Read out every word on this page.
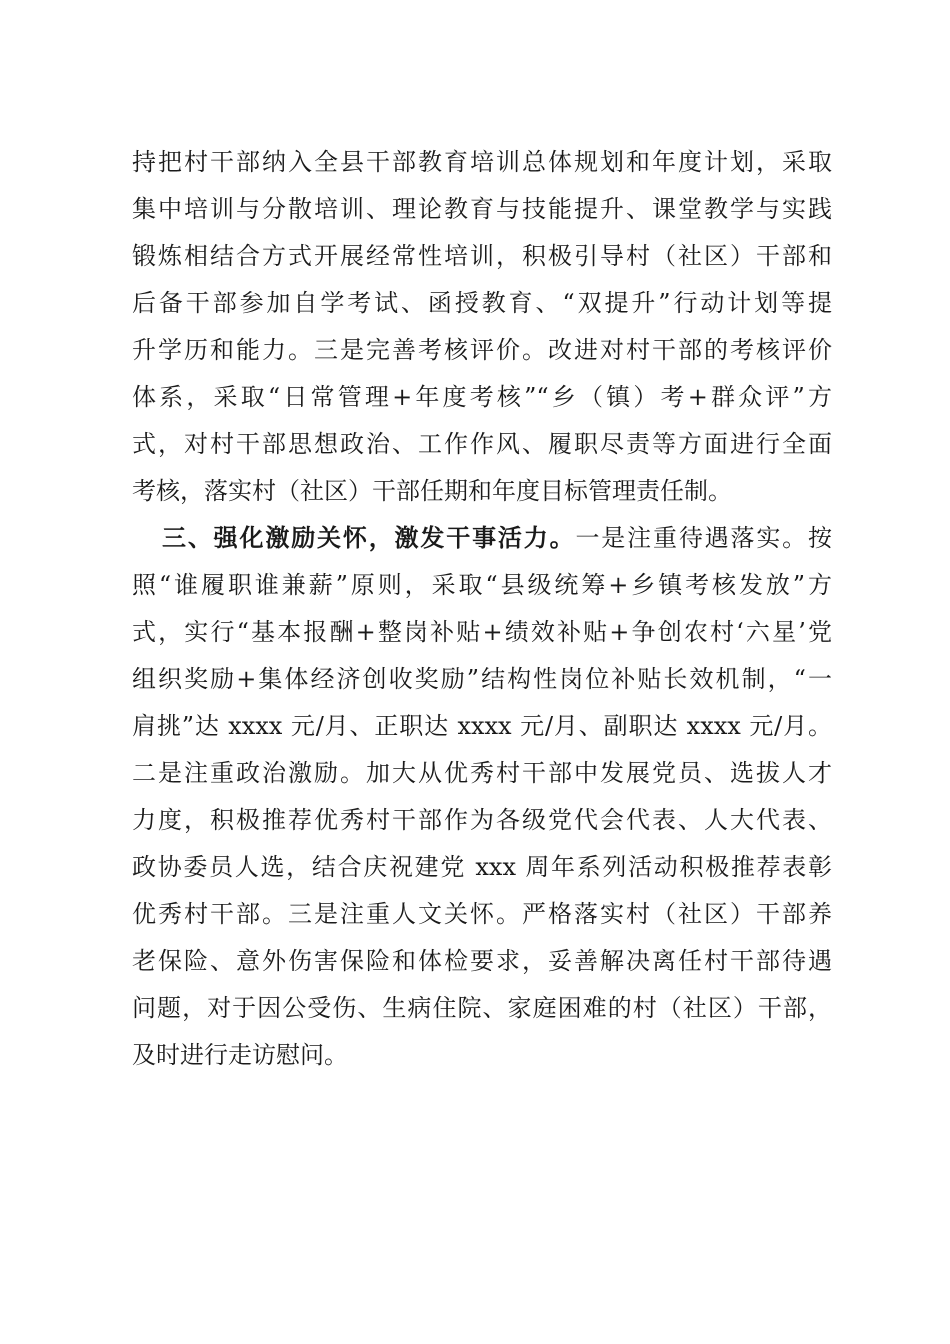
持把村干部纳入全县干部教育培训总体规划和年度计划，采取
集中培训与分散培训、理论教育与技能提升、课堂教学与实践
锻炼相结合方式开展经常性培训，积极引导村（社区）干部和
后备干部参加自学考试、函授教育、“双提升”行动计划等提
升学历和能力。三是完善考核评价。改进对村干部的考核评价
体系，采取“日常管理+年度考核”“乡（镇）考+群众评”方
式，对村干部思想政治、工作作风、履职尽责等方面进行全面
考核，落实村（社区）干部任期和年度目标管理责任制。
三、强化激励关怀，激发干事活力。一是注重待遇落实。按
照“谁履职谁兼薪”原则，采取“县级统筹+乡镇考核发放”方
式，实行“基本报酬+整岗补贴+绩效补贴+争创农村‘六星’党
组织奖励+集体经济创收奖励”结构性岗位补贴长效机制，“一
肩挑”达 xxxx 元/月、正职达 xxxx 元/月、副职达 xxxx 元/月。
二是注重政治激励。加大从优秀村干部中发展党员、选拔人才
力度，积极推荐优秀村干部作为各级党代会代表、人大代表、
政协委员人选，结合庆祝建党 xxx 周年系列活动积极推荐表彰
优秀村干部。三是注重人文关怀。严格落实村（社区）干部养
老保险、意外伤害保险和体检要求，妥善解决离任村干部待遇
问题，对于因公受伤、生病住院、家庭困难的村（社区）干部，
及时进行走访慰问。
